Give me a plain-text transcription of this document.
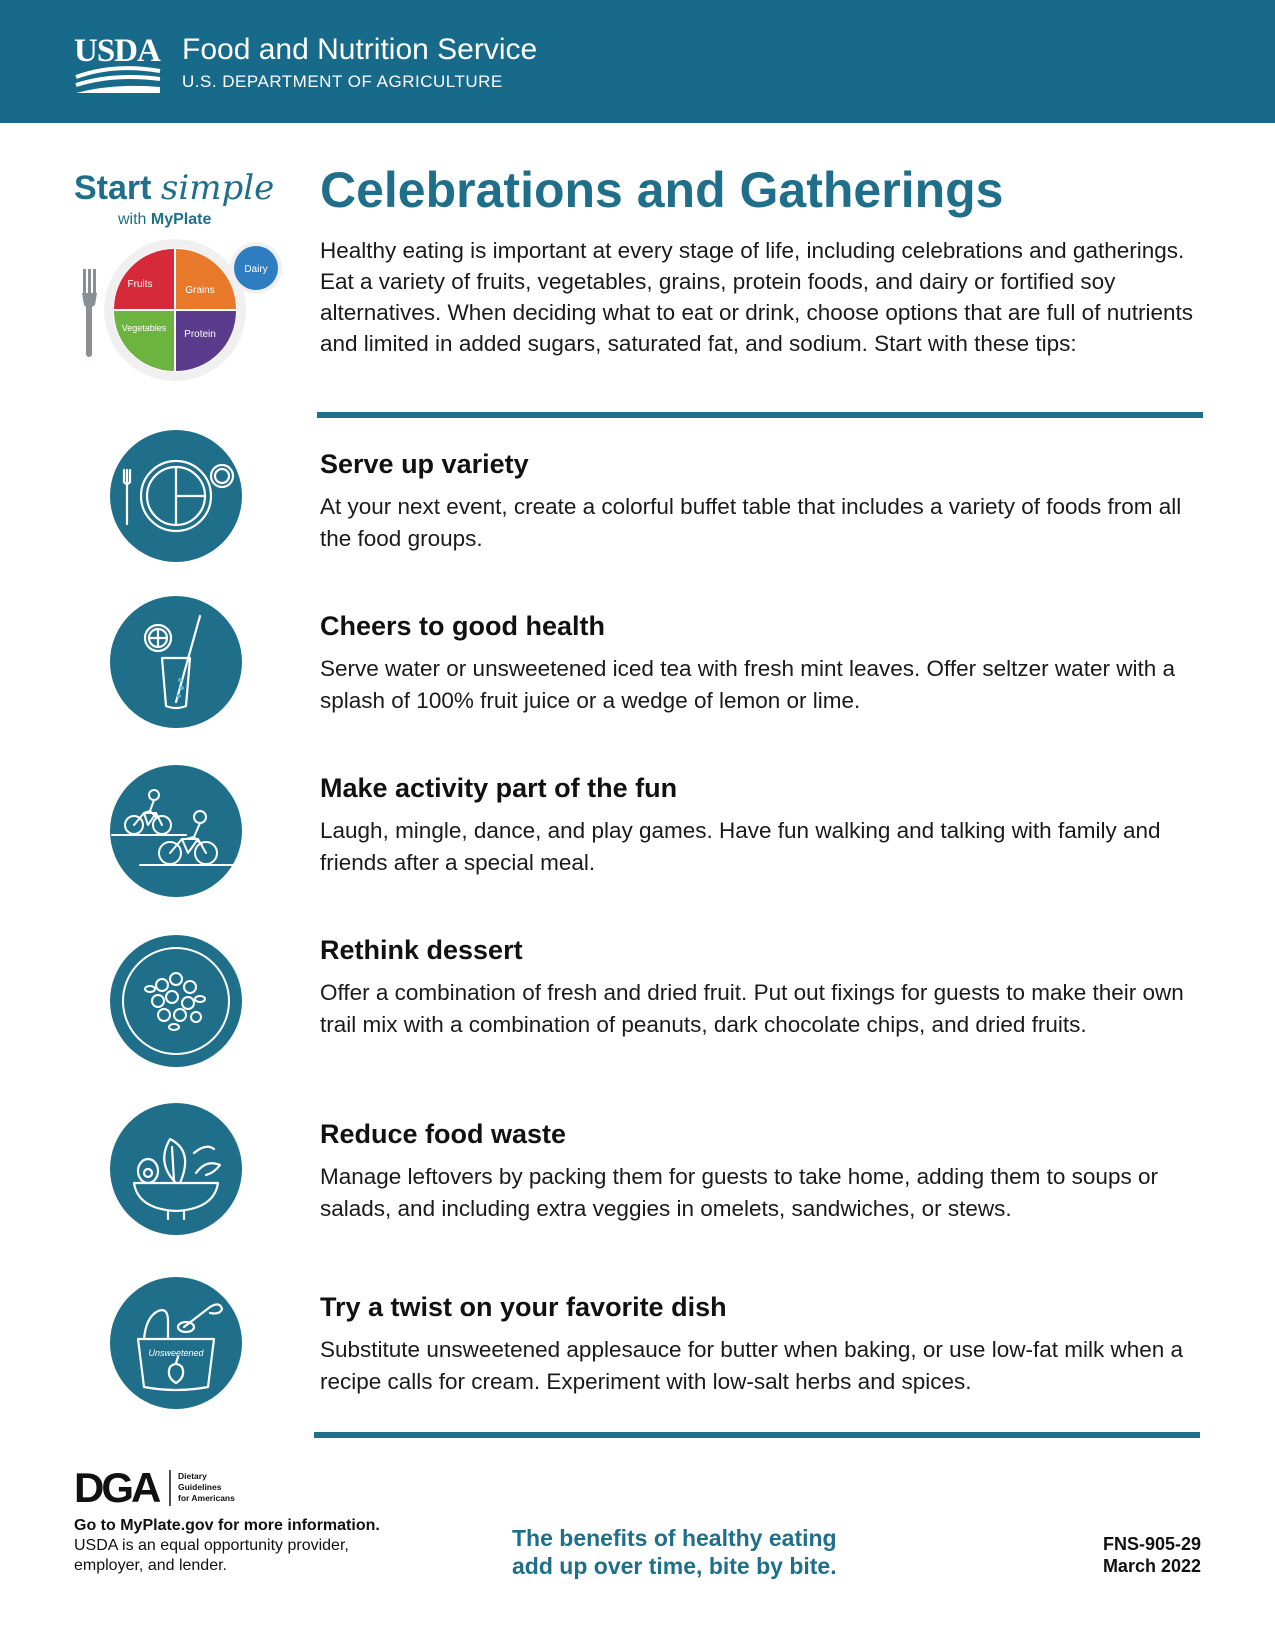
USDA Food and Nutrition Service
U.S. DEPARTMENT OF AGRICULTURE
Start simple
with MyPlate
Fruits
Grains
Vegetables
Protein
Dairy
Celebrations and Gatherings

Healthy eating is important at every stage of life, including celebrations and gatherings. Eat a variety of fruits, vegetables, grains, protein foods, and dairy or fortified soy alternatives. When deciding what to eat or drink, choose options that are full of nutrients and limited in added sugars, saturated fat, and sodium. Start with these tips:

Serve up variety

At your next event, create a colorful buffet table that includes a variety of foods from all the food groups.

Cheers to good health

Serve water or unsweetened iced tea with fresh mint leaves. Offer seltzer water with a splash of 100% fruit juice or a wedge of lemon or lime.

Make activity part of the fun

Laugh, mingle, dance, and play games. Have fun walking and talking with family and friends after a special meal.

Rethink dessert

Offer a combination of fresh and dried fruit. Put out fixings for guests to make their own trail mix with a combination of peanuts, dark chocolate chips, and dried fruits.

Reduce food waste

Manage leftovers by packing them for guests to take home, adding them to soups or salads, and including extra veggies in omelets, sandwiches, or stews.

Unsweetened
Try a twist on your favorite dish

Substitute unsweetened applesauce for butter when baking, or use low-fat milk when a recipe calls for cream. Experiment with low-salt herbs and spices.

DGA	Dietary
Guidelines
for Americans
Go to MyPlate.gov for more information.
USDA is an equal opportunity provider,
employer, and lender.
The benefits of healthy eating
add up over time, bite by bite.
FNS-905-29
March 2022
